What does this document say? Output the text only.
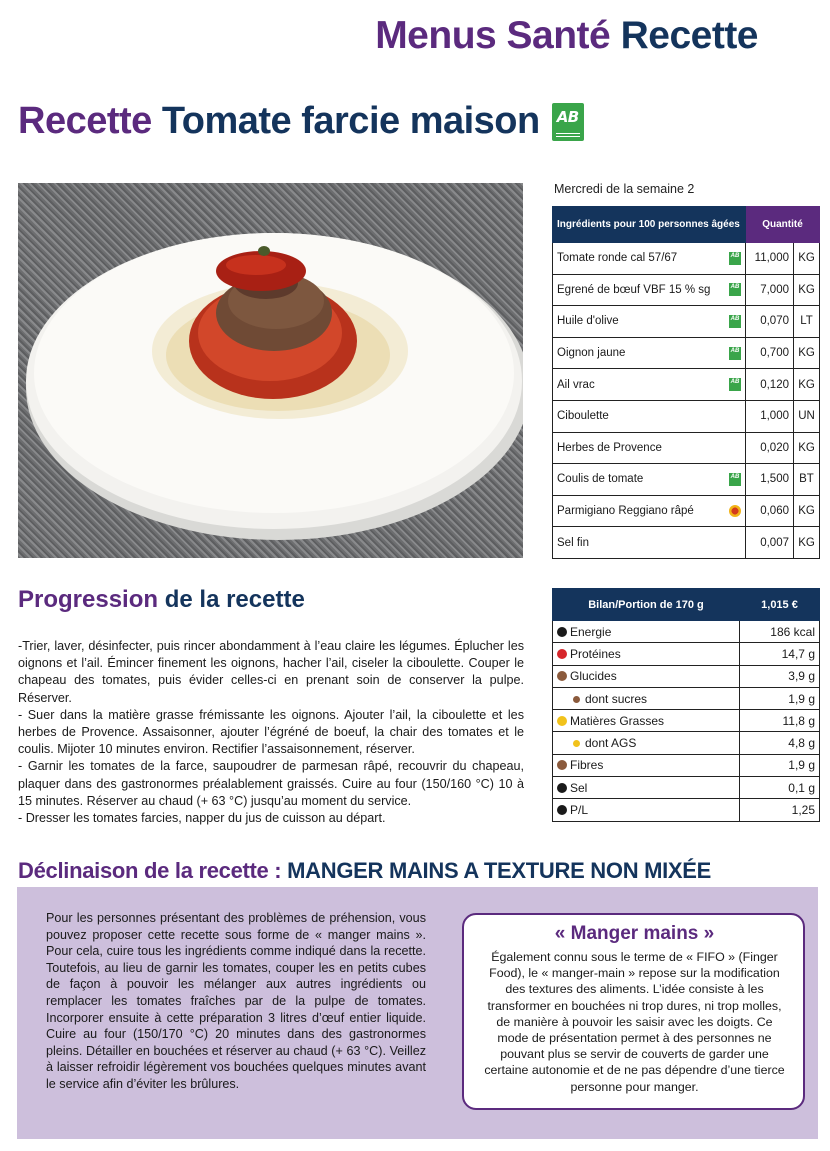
Menus Santé Recette
Recette
Tomate farcie maison	AB
Mercredi de la semaine 2
Ingrédients pour 100 personnes âgées		Quantité	
Tomate ronde cal 57/67	AB	11,000	KG
Egrené de bœuf VBF 15 % sg	AB	7,000	KG
Huile d'olive	AB	0,070	LT
Oignon jaune	AB	0,700	KG
Ail vrac	AB	0,120	KG
Ciboulette		1,000	UN
Herbes de Provence		0,020	KG
Coulis de tomate	AB	1,500	BT
Parmigiano Reggiano râpé		0,060	KG
Sel fin		0,007	KG
Progression de la recette

-Trier, laver, désinfecter, puis rincer abondamment à l’eau claire les légumes. Éplucher les oignons et l’ail. Émincer finement les oignons, hacher l’ail, ciseler la ciboulette. Couper le chapeau des tomates, puis évider celles-ci en prenant soin de conserver la pulpe. Réserver.

- Suer dans la matière grasse frémissante les oignons. Ajouter l’ail, la ciboulette et les herbes de Provence. Assaisonner, ajouter l’égréné de boeuf, la chair des tomates et le coulis. Mijoter 10 minutes environ. Rectifier l’assaisonnement, réserver.

- Garnir les tomates de la farce, saupoudrer de parmesan râpé, recouvrir du chapeau, plaquer dans des gastronormes préalablement graissés. Cuire au four (150/160 °C) 10 à 15 minutes. Réserver au chaud (+ 63 °C) jusqu’au moment du service.

- Dresser les tomates farcies, napper du jus de cuisson au départ.

Bilan/Portion de 170 g	1,015 €
Energie	186 kcal
Protéines	14,7 g
Glucides	3,9 g
dont sucres	1,9 g
Matières Grasses	11,8 g
dont AGS	4,8 g
Fibres	1,9 g
Sel	0,1 g
P/L	1,25
Déclinaison de la recette : MANGER MAINS A TEXTURE NON MIXÉE
Pour les personnes présentant des problèmes de préhension, vous pouvez proposer cette recette sous forme de « manger mains ». Pour cela, cuire tous les ingrédients comme indiqué dans la recette. Toutefois, au lieu de garnir les tomates, couper les en petits cubes de façon à pouvoir les mélanger aux autres ingrédients ou remplacer les tomates fraîches par de la pulpe de tomates. Incorporer ensuite à cette préparation 3 litres d’œuf entier liquide. Cuire au four (150/170 °C) 20 minutes dans des gastronormes pleins. Détailler en bouchées et réserver au chaud (+ 63 °C). Veillez à laisser refroidir légèrement vos bouchées quelques minutes avant le service afin d’éviter les brûlures.
« Manger mains »
Également connu sous le terme de « FIFO » (Finger Food), le « manger-main » repose sur la modification des textures des aliments. L’idée consiste à les transformer en bouchées ni trop dures, ni trop molles, de manière à pouvoir les saisir avec les doigts. Ce mode de présentation permet à des personnes ne pouvant plus se servir de couverts de garder une certaine autonomie et de ne pas dépendre d’une tierce personne pour manger.
